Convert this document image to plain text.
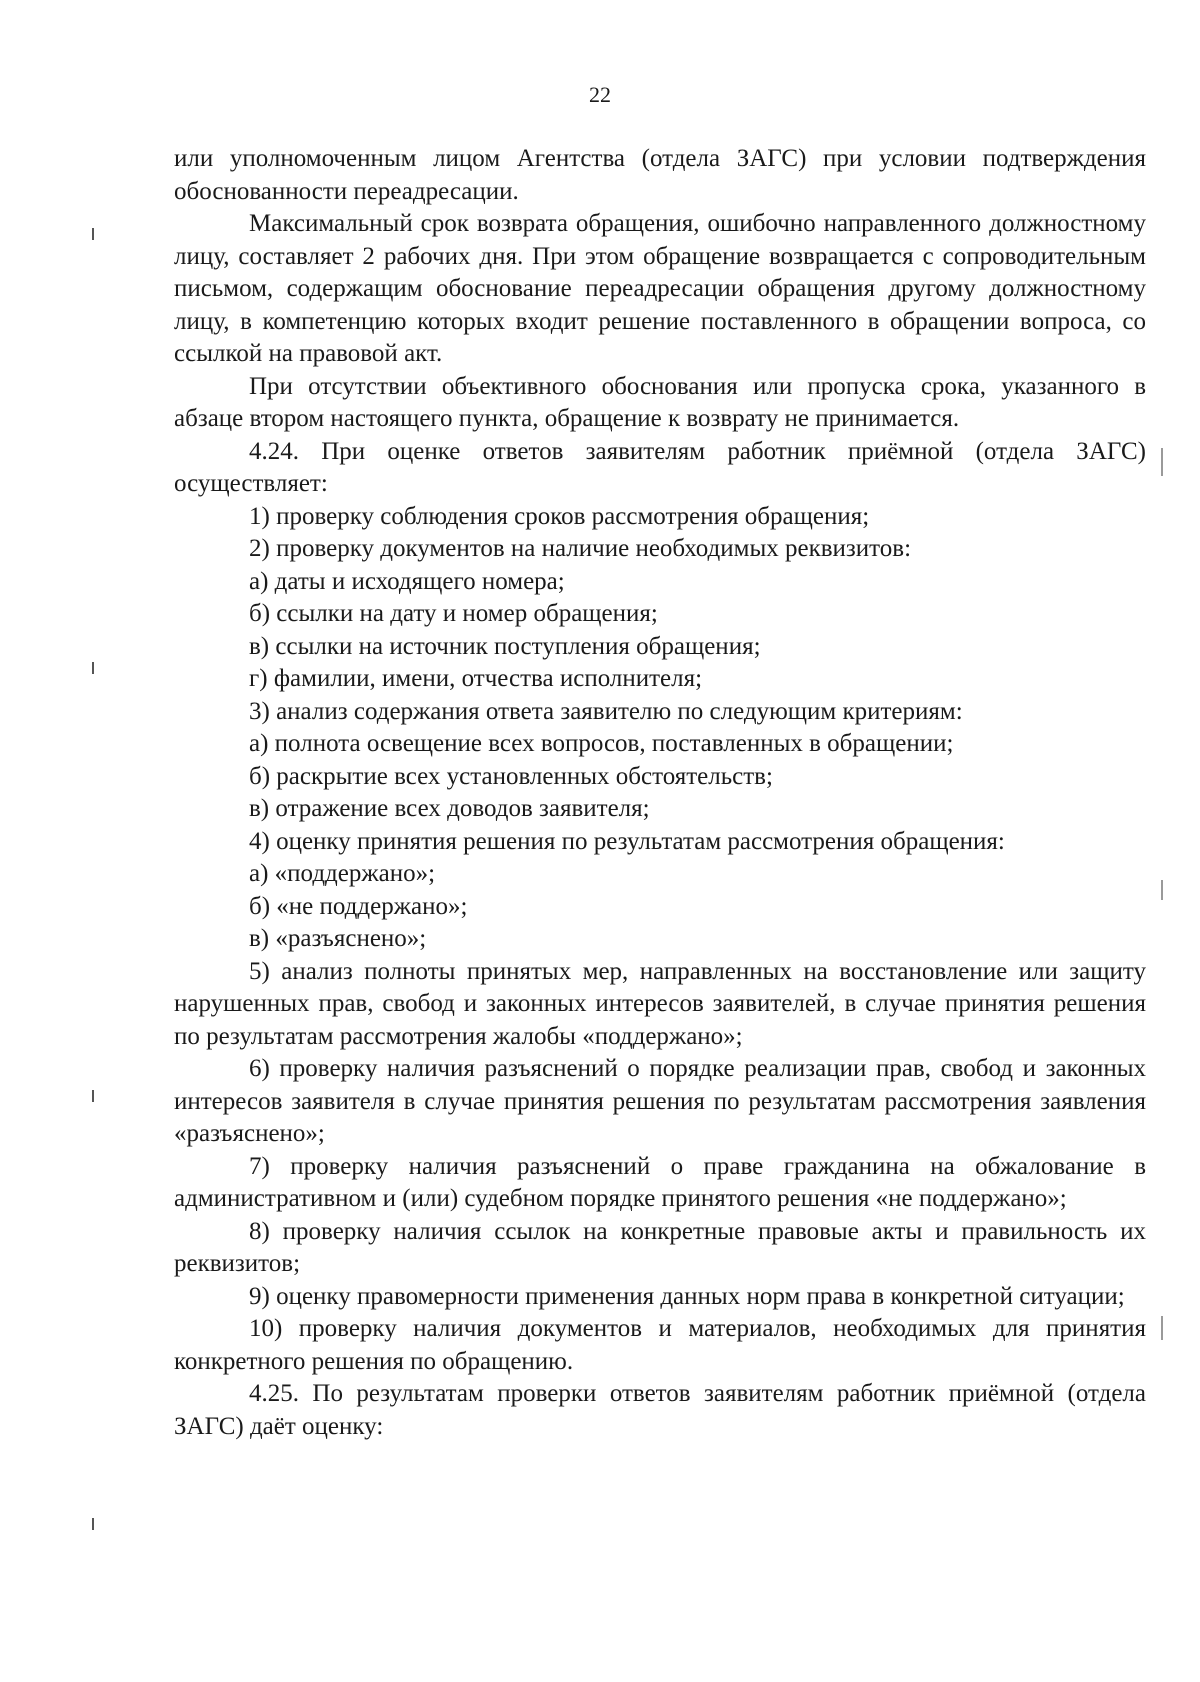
22

или уполномоченным лицом Агентства (отдела ЗАГС) при условии подтверждения обоснованности переадресации.

Максимальный срок возврата обращения, ошибочно направленного должностному лицу, составляет 2 рабочих дня. При этом обращение возвращается с сопроводительным письмом, содержащим обоснование переадресации обращения другому должностному лицу, в компетенцию которых входит решение поставленного в обращении вопроса, со ссылкой на правовой акт.

При отсутствии объективного обоснования или пропуска срока, указанного в абзаце втором настоящего пункта, обращение к возврату не принимается.

4.24. При оценке ответов заявителям работник приёмной (отдела ЗАГС) осуществляет:

1) проверку соблюдения сроков рассмотрения обращения;

2) проверку документов на наличие необходимых реквизитов:

а) даты и исходящего номера;

б) ссылки на дату и номер обращения;

в) ссылки на источник поступления обращения;

г) фамилии, имени, отчества исполнителя;

3) анализ содержания ответа заявителю по следующим критериям:

а) полнота освещение всех вопросов, поставленных в обращении;

б) раскрытие всех установленных обстоятельств;

в) отражение всех доводов заявителя;

4) оценку принятия решения по результатам рассмотрения обращения:

а) «поддержано»;

б) «не поддержано»;

в) «разъяснено»;

5) анализ полноты принятых мер, направленных на восстановление или защиту нарушенных прав, свобод и законных интересов заявителей, в случае принятия решения по результатам рассмотрения жалобы «поддержано»;

6) проверку наличия разъяснений о порядке реализации прав, свобод и законных интересов заявителя в случае принятия решения по результатам рассмотрения заявления «разъяснено»;

7) проверку наличия разъяснений о праве гражданина на обжалование в административном и (или) судебном порядке принятого решения «не поддержано»;

8) проверку наличия ссылок на конкретные правовые акты и правильность их реквизитов;

9) оценку правомерности применения данных норм права в конкретной ситуации;

10) проверку наличия документов и материалов, необходимых для принятия конкретного решения по обращению.

4.25. По результатам проверки ответов заявителям работник приёмной (отдела ЗАГС) даёт оценку:
